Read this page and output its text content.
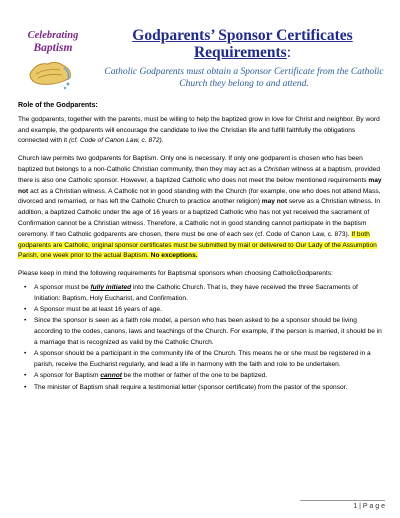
Celebrating
Baptism
Godparents’ Sponsor Certificates
Requirements:
Catholic Godparents must obtain a Sponsor Certificate from the Catholic Church they belong to and attend.

Role of the Godparents:

The godparents, together with the parents, must be willing to help the baptized grow in love for Christ and neighbor. By word and example, the godparents will encourage the candidate to live the Christian life and fulfill faithfully the obligations connected with it (cf. Code of Canon Law, c. 872).

Church law permits two godparents for Baptism. Only one is necessary. If only one godparent is chosen who has been baptized but belongs to a non-Catholic Christian community, then they may act as a Christian witness at a baptism, provided there is also one Catholic sponsor. However, a baptized Catholic who does not meet the below mentioned requirements may not act as a Christian witness. A Catholic not in good standing with the Church (for example, one who does not attend Mass, divorced and remarried, or has left the Catholic Church to practice another religion) may not serve as a Christian witness. In addition, a baptized Catholic under the age of 16 years or a baptized Catholic who has not yet received the sacrament of Confirmation cannot be a Christian witness. Therefore, a Catholic not in good standing cannot participate in the baptism ceremony. If two Catholic godparents are chosen, there must be one of each sex (cf. Code of Canon Law, c. 873). If both godparents are Catholic, original sponsor certificates must be submitted by mail or delivered to Our Lady of the Assumption Parish, one week prior to the actual Baptism. No exceptions.

Please keep in mind the following requirements for Baptismal sponsors when choosing CatholicGodparents:

• A sponsor must be fully initiated into the Catholic Church. That is, they have received the three Sacraments of Initiation: Baptism, Holy Eucharist, and Confirmation.
• A Sponsor must be at least 16 years of age.
• Since the sponsor is seen as a faith role model, a person who has been asked to be a sponsor should be living according to the codes, canons, laws and teachings of the Church. For example, if the person is married, it should be in a marriage that is recognized as valid by the Catholic Church.
• A sponsor should be a participant in the community life of the Church. This means he or she must be registered in a parish, receive the Eucharist regularly, and lead a life in harmony with the faith and role to be undertaken.
• A sponsor for Baptism cannot be the mother or father of the one to be baptized.
• The minister of Baptism shall require a testimonial letter (sponsor certificate) from the pastor of the sponsor.
1 | P a g e
